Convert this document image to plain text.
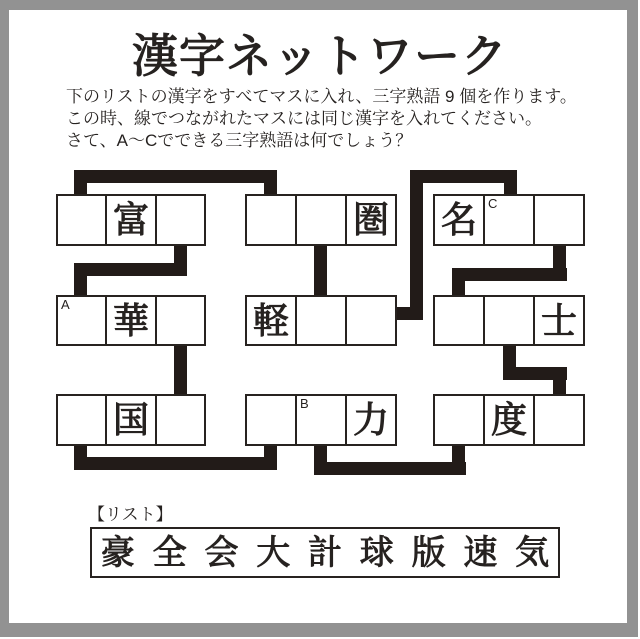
漢字ネットワーク
下のリストの漢字をすべてマスに入れ、三字熟語 9 個を作ります。
この時、線でつながれたマスには同じ漢字を入れてください。
さて、A～Cでできる三字熟語は何でしょう？
富	圏 名 C
A 華	軽	士
国	B 力	度
【リスト】
豪 全 会 大 計 球 版 速 気
